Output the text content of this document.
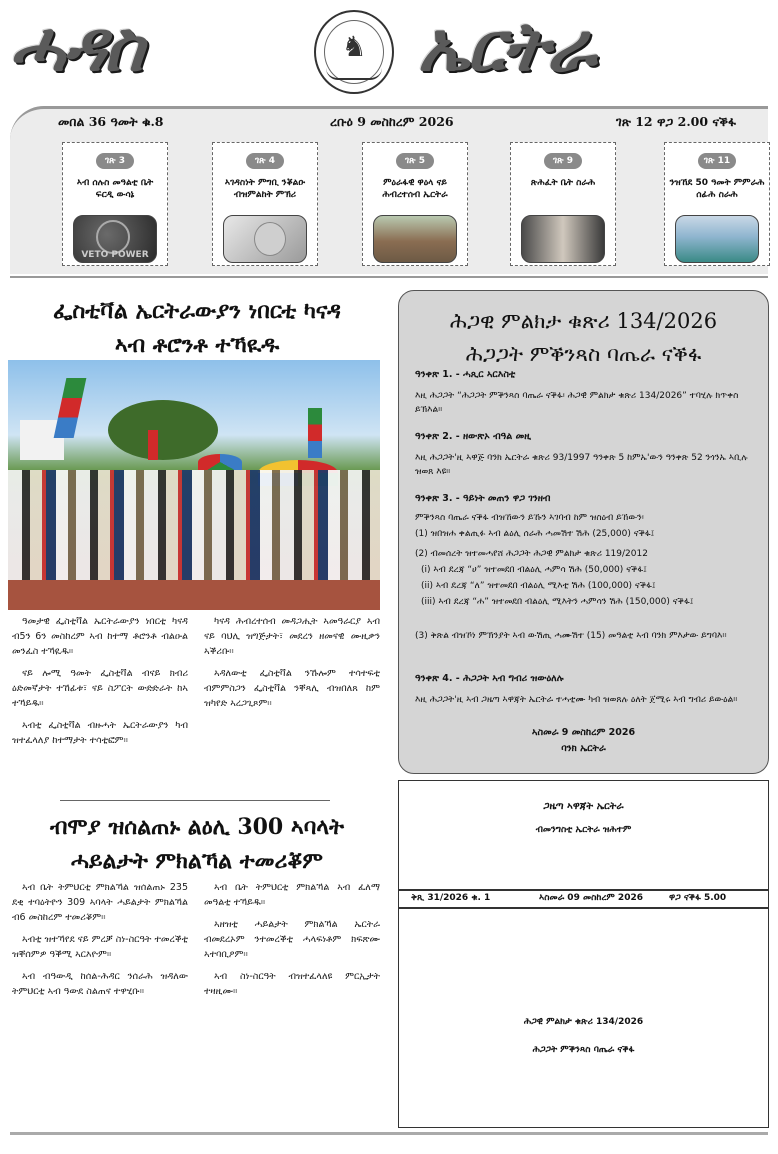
ሓዳስ	♞ ኤርትራ
መበል 36 ዓመት ቁ.8	ረቡዕ 9 መስከረም 2026	ገጽ 12 ዋጋ 2.00 ናቕፋ
ገጽ 3
ኣብ ሰሉስ መዓልቲ ቤት ፍርዲ ውሳኔ
VETO POWER
ገጽ 4
ኣገዳስነት ምግቢ ንቖልዑ ብዝምልከት ምኽሪ
ገጽ 5
ምዕራፋዊ ዋዕላ ናይ ሕብረተሰብ ኤርትራ
ገጽ 9
ጽሕፈት ቤት ስራሕ
ገጽ 11
ንዝኸደ 50 ዓመት ምምራሕ ሰፊሕ ስራሕ
ፌስቲቫል ኤርትራውያን ነበርቲ ካናዳ
ኣብ ቶሮንቶ ተኻዪዱ

ዓመታዊ ፌስቲቫል ኤርትራውያን ነበርቲ ካናዳ ብ5ን 6ን መስከረም ኣብ ከተማ ቶሮንቶ ብልዑል መንፈስ ተኻዪዱ።

ናይ ሎሚ ዓመት ፌስቲቫል ብናይ ክብሪ ዕድመኛታት ተኸፊቱ፣ ናይ ስፖርት ውድድራት ከኣ ተኻይዱ።

ኣብቲ ፌስቲቫል ብዙሓት ኤርትራውያን ካብ ዝተፈላለያ ከተማታት ተሳቲፎም።

ካናዳ ሕብረተሰብ መዳጋሒት ኣመዓራርያ ኣብ ናይ ባህሊ ዝግጅታት፣ መደረን ዘመናዊ ሙዚቃን ኣቕሪቡ።

ኣዳለውቲ ፌስቲቫል ንኹሎም ተሳተፍቲ ብምምስጋን ፌስቲቫል ንቐጻሊ ብዝበለጸ ከም ዝካየድ ኣረጋጊጾም።

ብሞያ ዝሰልጠኑ ልዕሊ 300 ኣባላት
ሓይልታት ምክልኻል ተመሪቖም

ኣብ ቤት ትምህርቲ ምክልኻል ዝሰልጠኑ 235 ደቂ ተባዕትዮን 309 ኣባላት ሓይልታት ምክልኻል ብ6 መስከረም ተመሪቖም።

ኣብቲ ዝተኻየደ ናይ ምረቓ ስነ-ስርዓት ተመረቕቲ ዝቐሰምዎ ዓቕሚ ኣርእዮም።

ኣብ ብዓውዲ ከሰል-ሕዳር ንሰራሕ ዝዳለው ትምህርቲ ኣብ ዓውደ ስልጠና ተዋሂቡ።

ኣብ ቤት ትምህርቲ ምክልኻል ኣብ ፈለማ መዓልቲ ተኻይዱ።

ኣዘዝቲ ሓይልታት ምክልኻል ኤርትራ ብመደረኦም ንተመረቕቲ ሓላፍነቶም ክፍጽሙ ኣተባቢዖም።

ኣብ ስነ-ስርዓት ብዝተፈላለዩ ምርኢታት ተዛዚሙ።

ሕጋዊ ምልክታ ቁጽሪ 134/2026
ሕጋጋት ምቕንጻስ ባጤራ ናቕፋ
ዓንቀጽ 1. - ሓጺር ኣርእስቲ
እዚ ሕጋጋት “ሕጋጋት ምቕንጻስ ባጤራ ናቕፋ፡ ሕጋዊ ምልክታ ቁጽሪ 134/2026” ተባሂሉ ክጥቀስ ይኽእል።
ዓንቀጽ 2. - ዘውጽኦ ብዓል መዚ
እዚ ሕጋጋት'ዚ ኣዋጅ ባንክ ኤርትራ ቁጽሪ 93/1997 ዓንቀጽ 5 ከምኡ'ውን ዓንቀጽ 52 ንጎንኡ ኣቢሉ ዝወጸ እዩ።
ዓንቀጽ 3. - ዓይነት መጠን ዋጋ ገንዘብ
ምቕንጻስ ባጤራ ናቕፋ ብዝኸውን ይኹን ኣገባብ ከም ዝስዕብ ይኸውን፡
(1) ዝበዝሐ ቀልጢፉ ኣብ ልዕሊ ሰራሕ ሓመሽተ ሽሕ (25,000) ናቕፋ፤
(2) ብመሰረት ዝተመሓየሸ ሕጋጋት ሕጋዊ ምልክታ ቁጽሪ 119/2012
(i) ኣብ ደረጃ “ሀ” ዝተመደበ ብልዕሊ ሓምሳ ሽሕ (50,000) ናቕፋ፤
(ii) ኣብ ደረጃ “ለ” ዝተመደበ ብልዕሊ ሚእቲ ሽሕ (100,000) ናቕፋ፤
(iii) ኣብ ደረጃ “ሐ” ዝተመደበ ብልዕሊ ሚእትን ሓምሳን ሽሕ (150,000) ናቕፋ፤
(3) ቅጽል ብዝኾነ ምኽንያት ኣብ ውሽጢ ሓሙሽተ (15) መዓልቲ ኣብ ባንክ ምእታው ይግባእ።
ዓንቀጽ 4. - ሕጋጋት ኣብ ግብሪ ዝውዕለሉ
እዚ ሕጋጋት'ዚ ኣብ ጋዜጣ ኣዋጃት ኤርትራ ተሓቲሙ ካብ ዝወጸሉ ዕለት ጀሚሩ ኣብ ግብሪ ይውዕል።
ኣስመራ 9 መስከረም 2026
ባንክ ኤርትራ
ጋዜጣ ኣዋጃት ኤርትራ
ብመንግስቲ ኤርትራ ዝሕተም
ቅጺ 31/2026 ቁ. 1	ኣስመራ 09 መስከረም 2026	ዋጋ ናቕፋ 5.00
ሕጋዊ ምልክታ ቁጽሪ 134/2026
ሕጋጋት ምቕንጻስ ባጤራ ናቕፋ
